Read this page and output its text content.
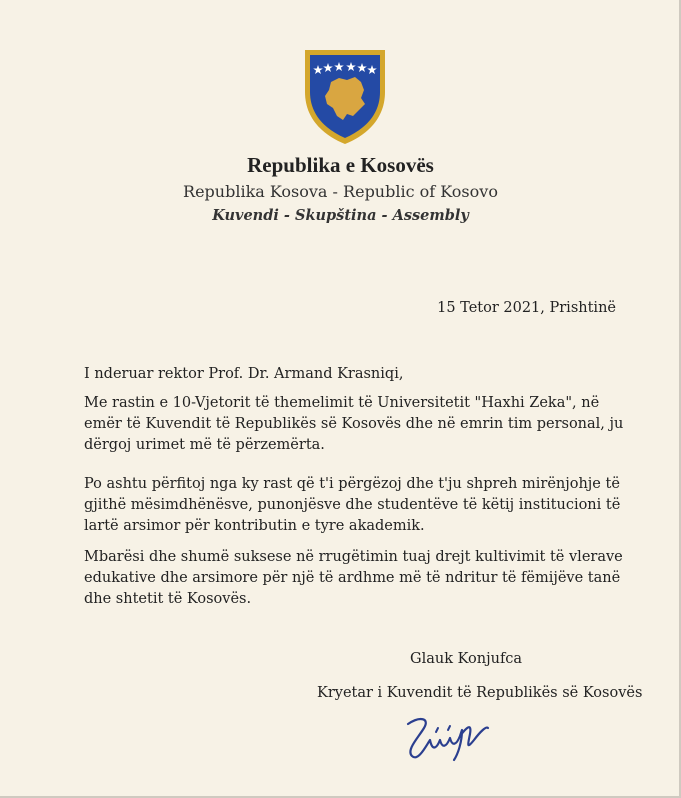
Republika e Kosovës
Republika Kosova - Republic of Kosovo
Kuvendi - Skupština - Assembly
15 Tetor 2021, Prishtinë

I nderuar rektor Prof. Dr. Armand Krasniqi,

Me rastin e 10-Vjetorit të themelimit të Universitetit "Haxhi Zeka", në emër të Kuvendit të Republikës së Kosovës dhe në emrin tim personal, ju dërgoj urimet më të përzemërta.

Po ashtu përfitoj nga ky rast që t'i përgëzoj dhe t'ju shpreh mirënjohje të gjithë mësimdhënësve, punonjësve dhe studentëve të këtij institucioni të lartë arsimor për kontributin e tyre akademik.

Mbarësi dhe shumë suksese në rrugëtimin tuaj drejt kultivimit të vlerave edukative dhe arsimore për një të ardhme më të ndritur të fëmijëve tanë dhe shtetit të Kosovës.

Glauk Konjufca
Kryetar i Kuvendit të Republikës së Kosovës
